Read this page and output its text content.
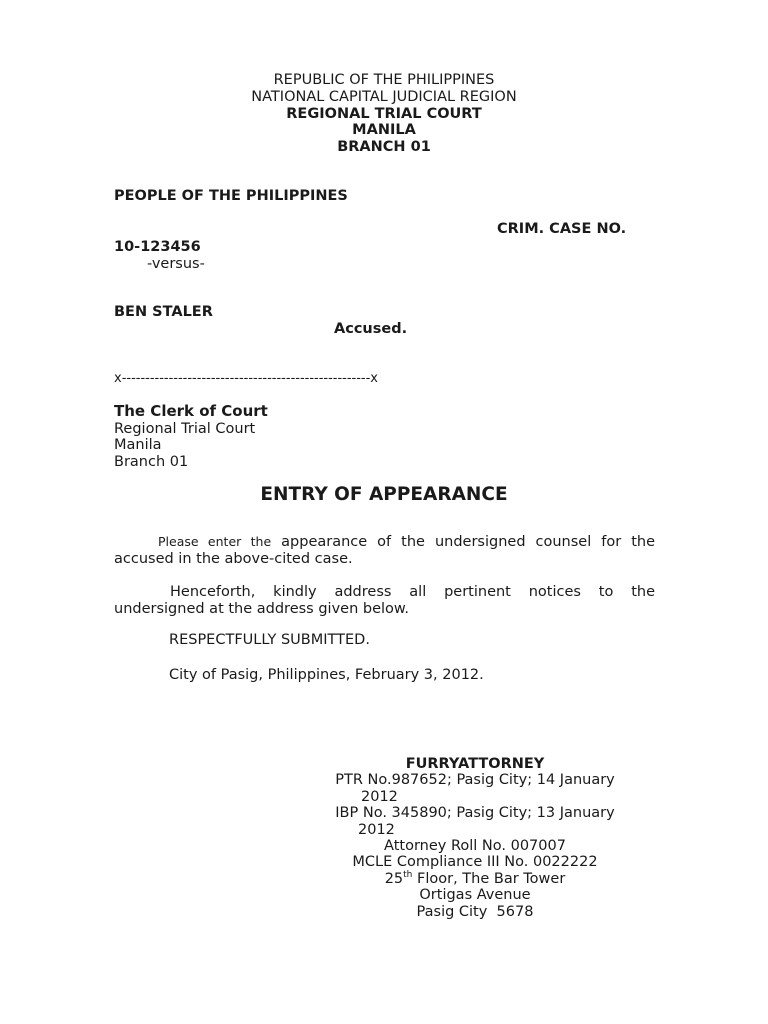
REPUBLIC OF THE PHILIPPINES
NATIONAL CAPITAL JUDICIAL REGION
REGIONAL TRIAL COURT
MANILA
BRANCH 01
PEOPLE OF THE PHILIPPINES
CRIM. CASE NO.
10-123456
-versus-
BEN STALER
Accused.
x-----------------------------------------------------x
The Clerk of Court
Regional Trial Court
Manila
Branch 01
ENTRY OF APPEARANCE
Please enter the appearance of the undersigned counsel for the accused in the above-cited case.
Henceforth, kindly address all pertinent notices to the undersigned at the address given below.
RESPECTFULLY SUBMITTED.
City of Pasig, Philippines, February 3, 2012.
FURRYATTORNEY
PTR No.987652; Pasig City; 14 January
2012
IBP No. 345890; Pasig City; 13 January
2012
Attorney Roll No. 007007
MCLE Compliance III No. 0022222
25th Floor, The Bar Tower
Ortigas Avenue
Pasig City  5678
